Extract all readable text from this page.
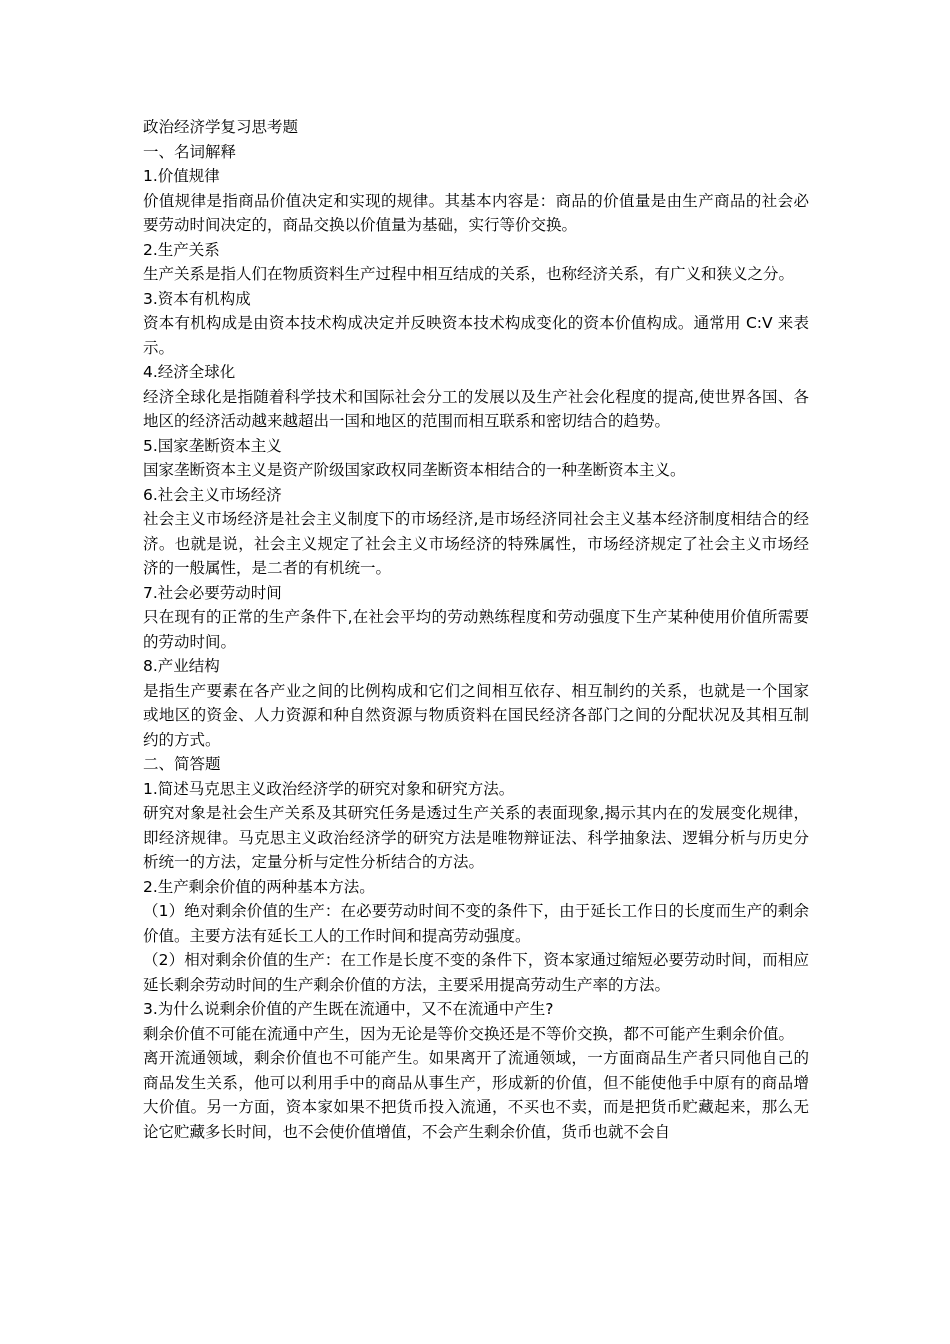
政治经济学复习思考题
一、名词解释
1.价值规律
价值规律是指商品价值决定和实现的规律。其基本内容是：商品的价值量是由生产商品的社会必要劳动时间决定的，商品交换以价值量为基础，实行等价交换。
2.生产关系
生产关系是指人们在物质资料生产过程中相互结成的关系，也称经济关系，有广义和狭义之分。
3.资本有机构成
资本有机构成是由资本技术构成决定并反映资本技术构成变化的资本价值构成。通常用 C:V 来表示。
4.经济全球化
经济全球化是指随着科学技术和国际社会分工的发展以及生产社会化程度的提高,使世界各国、各地区的经济活动越来越超出一国和地区的范围而相互联系和密切结合的趋势。
5.国家垄断资本主义
国家垄断资本主义是资产阶级国家政权同垄断资本相结合的一种垄断资本主义。
6.社会主义市场经济
社会主义市场经济是社会主义制度下的市场经济,是市场经济同社会主义基本经济制度相结合的经济。也就是说，社会主义规定了社会主义市场经济的特殊属性，市场经济规定了社会主义市场经济的一般属性，是二者的有机统一。
7.社会必要劳动时间
只在现有的正常的生产条件下,在社会平均的劳动熟练程度和劳动强度下生产某种使用价值所需要的劳动时间。
8.产业结构
是指生产要素在各产业之间的比例构成和它们之间相互依存、相互制约的关系，也就是一个国家或地区的资金、人力资源和种自然资源与物质资料在国民经济各部门之间的分配状况及其相互制约的方式。
二、简答题
1.简述马克思主义政治经济学的研究对象和研究方法。
研究对象是社会生产关系及其研究任务是透过生产关系的表面现象,揭示其内在的发展变化规律，即经济规律。马克思主义政治经济学的研究方法是唯物辩证法、科学抽象法、逻辑分析与历史分析统一的方法，定量分析与定性分析结合的方法。
2.生产剩余价值的两种基本方法。
（1）绝对剩余价值的生产：在必要劳动时间不变的条件下，由于延长工作日的长度而生产的剩余价值。主要方法有延长工人的工作时间和提高劳动强度。
（2）相对剩余价值的生产：在工作是长度不变的条件下，资本家通过缩短必要劳动时间，而相应延长剩余劳动时间的生产剩余价值的方法，主要采用提高劳动生产率的方法。
3.为什么说剩余价值的产生既在流通中，又不在流通中产生?
剩余价值不可能在流通中产生，因为无论是等价交换还是不等价交换，都不可能产生剩余价值。
离开流通领域，剩余价值也不可能产生。如果离开了流通领域，一方面商品生产者只同他自己的商品发生关系，他可以利用手中的商品从事生产，形成新的价值，但不能使他手中原有的商品增大价值。另一方面，资本家如果不把货币投入流通，不买也不卖，而是把货币贮藏起来，那么无论它贮藏多长时间，也不会使价值增值，不会产生剩余价值，货币也就不会自
